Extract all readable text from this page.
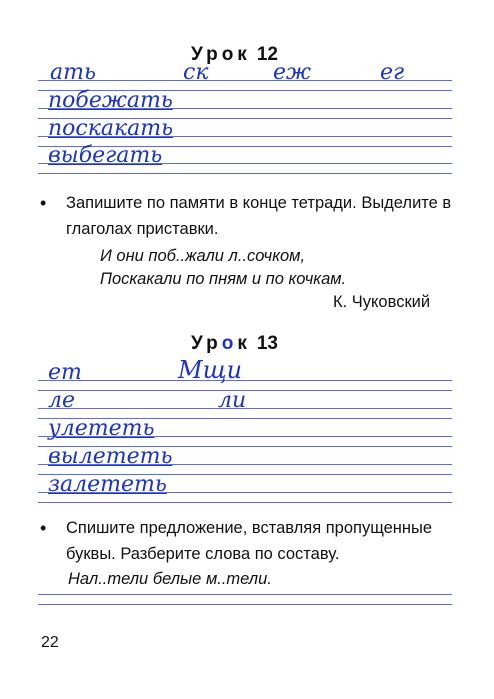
Урок 12
ать	ск	еж	ег
побежать
поскакать
выбегать
•	Запишите по памяти в конце тетради. Выделите в глаголах приставки.
И они поб..жали л..сочком,
Поскакали по пням и по кочкам.
К. Чуковский
Урок 13
ет	Мщи
ле	ли
улететь
вылететь
залететь
•	Спишите предложение, вставляя пропущенные буквы. Разберите слова по составу.
Нал..тели белые м..тели.
22
